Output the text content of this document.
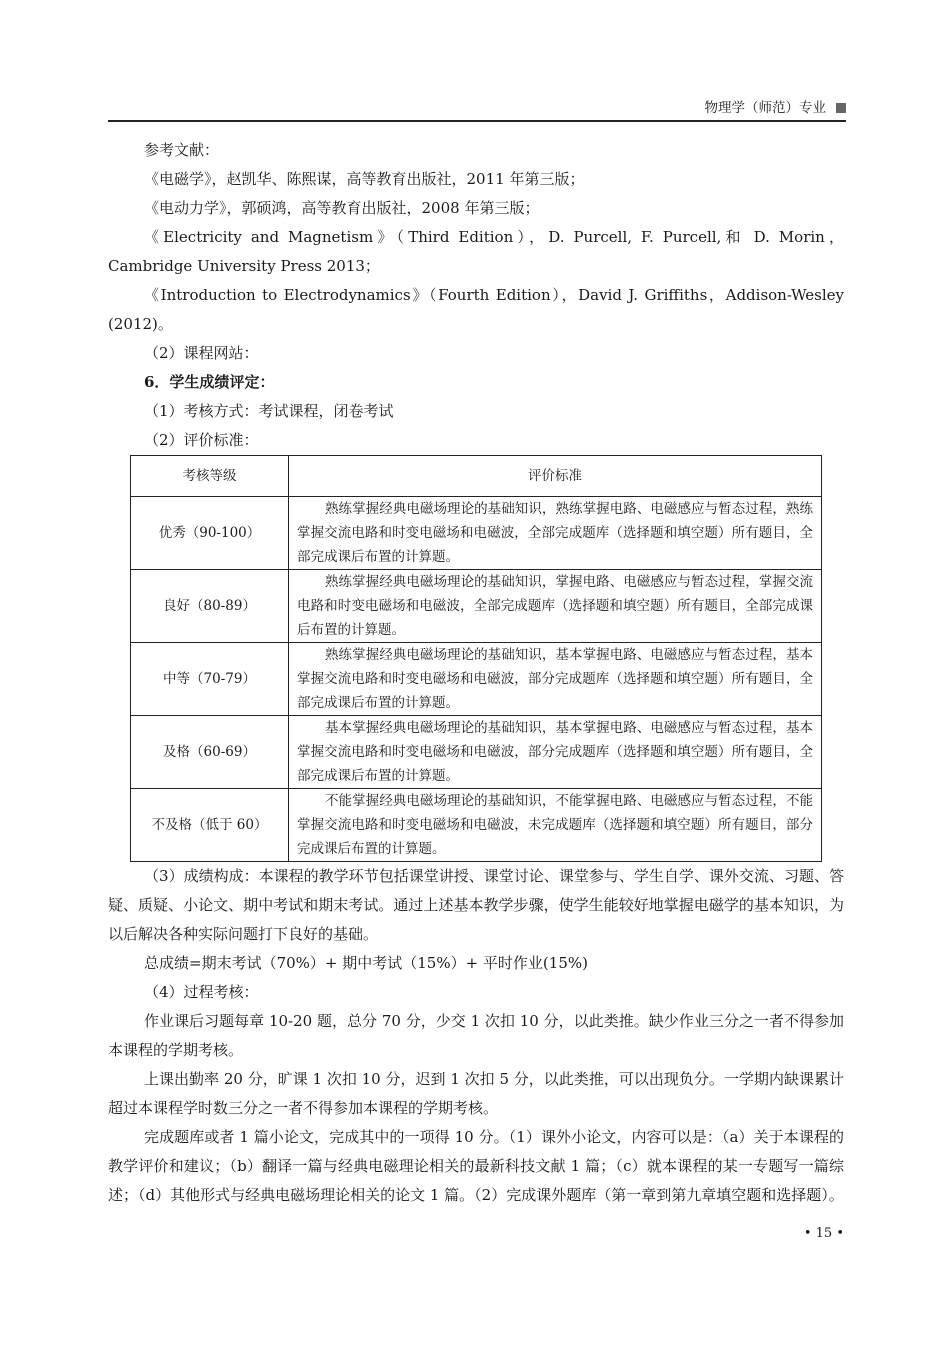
物理学（师范）专业

参考文献：

《电磁学》，赵凯华、陈熙谋，高等教育出版社，2011 年第三版；

《电动力学》，郭硕鸿，高等教育出版社，2008 年第三版；

《Electricity and Magnetism》（Third Edition），D. Purcell, F. Purcell,和 D. Morin，Cambridge University Press 2013；

《Introduction to Electrodynamics》（Fourth Edition），David J. Griffiths，Addison-Wesley (2012)。

（2）课程网站：

6．学生成绩评定：

（1）考核方式：考试课程，闭卷考试

（2）评价标准：

考核等级	评价标准
优秀（90-100）	熟练掌握经典电磁场理论的基础知识，熟练掌握电路、电磁感应与暂态过程，熟练掌握交流电路和时变电磁场和电磁波，全部完成题库（选择题和填空题）所有题目，全部完成课后布置的计算题。
良好（80-89）	熟练掌握经典电磁场理论的基础知识，掌握电路、电磁感应与暂态过程，掌握交流电路和时变电磁场和电磁波，全部完成题库（选择题和填空题）所有题目，全部完成课后布置的计算题。
中等（70-79）	熟练掌握经典电磁场理论的基础知识，基本掌握电路、电磁感应与暂态过程，基本掌握交流电路和时变电磁场和电磁波，部分完成题库（选择题和填空题）所有题目，全部完成课后布置的计算题。
及格（60-69）	基本掌握经典电磁场理论的基础知识，基本掌握电路、电磁感应与暂态过程，基本掌握交流电路和时变电磁场和电磁波，部分完成题库（选择题和填空题）所有题目，全部完成课后布置的计算题。
不及格（低于 60）	不能掌握经典电磁场理论的基础知识，不能掌握电路、电磁感应与暂态过程，不能掌握交流电路和时变电磁场和电磁波，未完成题库（选择题和填空题）所有题目，部分完成课后布置的计算题。

（3）成绩构成：本课程的教学环节包括课堂讲授、课堂讨论、课堂参与、学生自学、课外交流、习题、答疑、质疑、小论文、期中考试和期末考试。通过上述基本教学步骤，使学生能较好地掌握电磁学的基本知识，为以后解决各种实际问题打下良好的基础。

总成绩=期末考试（70%）+ 期中考试（15%）+ 平时作业(15%)

（4）过程考核：

作业课后习题每章 10-20 题，总分 70 分，少交 1 次扣 10 分，以此类推。缺少作业三分之一者不得参加本课程的学期考核。

上课出勤率 20 分，旷课 1 次扣 10 分，迟到 1 次扣 5 分，以此类推，可以出现负分。一学期内缺课累计超过本课程学时数三分之一者不得参加本课程的学期考核。

完成题库或者 1 篇小论文，完成其中的一项得 10 分。（1）课外小论文，内容可以是：（a）关于本课程的教学评价和建议；（b）翻译一篇与经典电磁理论相关的最新科技文献 1 篇；（c）就本课程的某一专题写一篇综述；（d）其他形式与经典电磁场理论相关的论文 1 篇。（2）完成课外题库（第一章到第九章填空题和选择题）。

• 15 •
